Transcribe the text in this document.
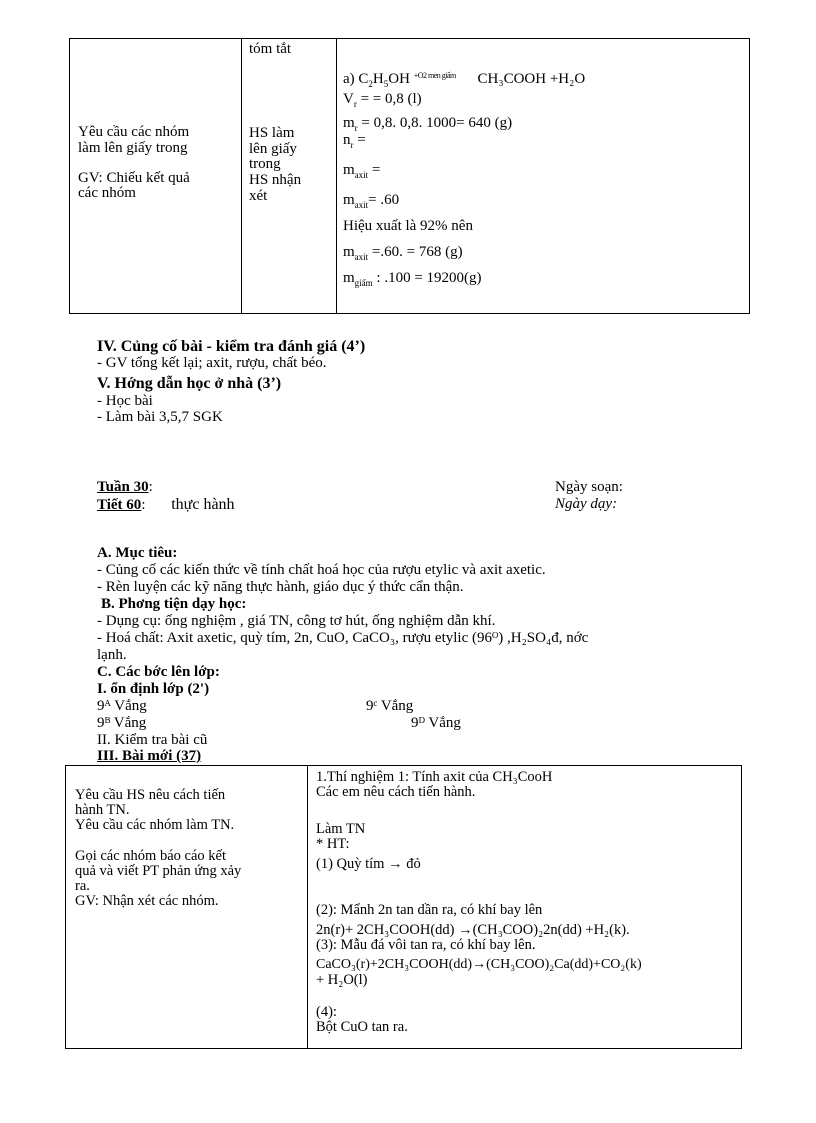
Yêu cầu các nhóm
làm lên giấy trong
GV: Chiếu kết quả
các nhóm
tóm tắt
HS làm
lên giấy
trong
HS nhận
xét
a) $C_2H_5OH$ $^{+O2 men giấm}$ CH₃COOH +H₂O
$V_r$ = = 0,8 (l)
$m_r = 0,8$. 0,8. 1000= 640 (g)
$n_r$ =
$m_{axit}$ =
$m_{axit}= .60$
Hiệu xuất là 92% nên
$m_{axit} =.60$. = 768 (g)
$m_{giấm}$ : .100 = 19200(g)
IV. Củng cố bài - kiểm tra đánh giá (4’)
- GV tổng kết lại; axit, rượu, chất béo.
V. Hớng dẫn học ở nhà (3’)
- Học bài
- Làm bài 3,5,7 SGK
Tuần 30:
Tiết 60: thực hành
Ngày soạn:
Ngày dạy:
A. Mục tiêu:
- Củng cố các kiến thức về tính chất hoá học của rượu etylic và axit axetic.
- Rèn luyện các kỹ năng thực hành, giáo dục ý thức cẩn thận.
B. Phơng tiện dạy học:
- Dụng cụ: ống nghiệm , giá TN, công tơ hút, ống nghiệm dẫn khí.
- Hoá chất: Axit axetic, quỳ tím, 2n, CuO, CaCO₃, rượu etylic (96ᴼ) ,H₂SO₄đ, nớc
lạnh.
C. Các bớc lên lớp:
I. ổn định lớp (2')
9ᴬ Vắng	9ᶜ Vắng
9ᴮ Vắng	9ᴰ Vắng
II. Kiểm tra bài cũ
III. Bài mới (37)
Yêu cầu HS nêu cách tiến
hành TN.
Yêu cầu các nhóm làm TN.
Gọi các nhóm báo cáo kết
quả và viết PT phản ứng xảy
ra.
GV: Nhận xét các nhóm.
1.Thí nghiệm 1: Tính axit của CH₃CooH
Các em nêu cách tiến hành.
Làm TN
* HT:
(1) Quỳ tím → đỏ
(2): Mẩnh 2n tan dần ra, có khí bay lên
2n(r)+ 2CH₃COOH(dd) →(CH₃COO)₂2n(dd) +H₂(k).
(3): Mẫu đá vôi tan ra, có khí bay lên.
CaCO₃(r)+2CH₃COOH(dd)→(CH₃COO)₂Ca(dd)+CO₂(k)
+ H₂O(l)
(4):
Bột CuO tan ra.
